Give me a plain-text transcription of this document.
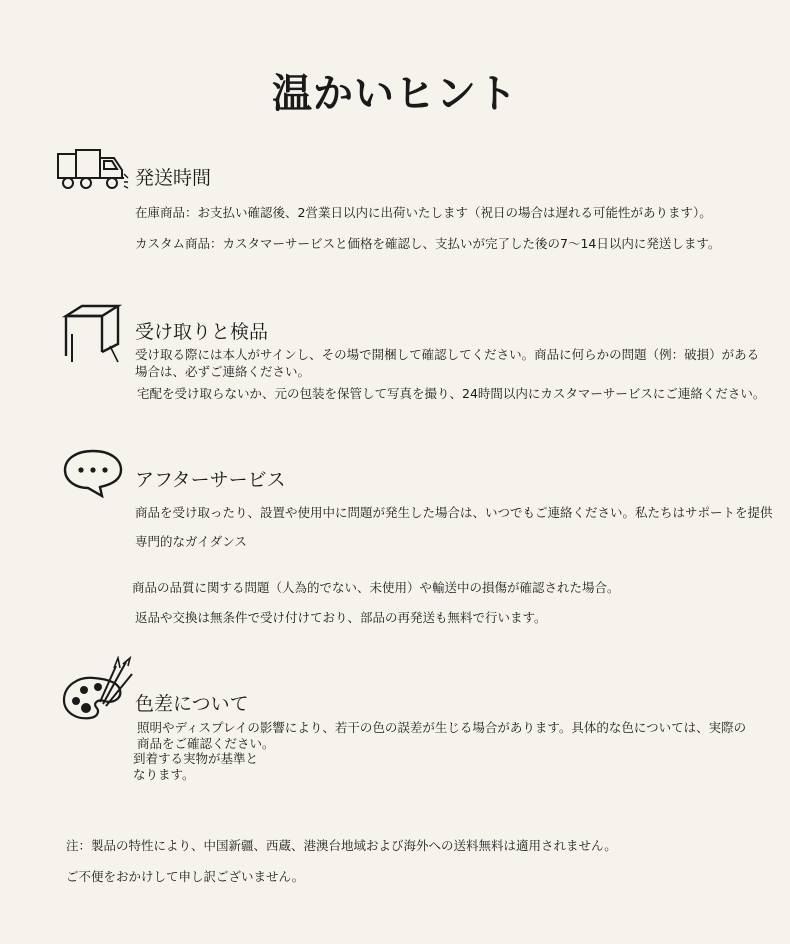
温かいヒント
発送時間
在庫商品：お支払い確認後、2営業日以内に出荷いたします（祝日の場合は遅れる可能性があります）。
カスタム商品：カスタマーサービスと価格を確認し、支払いが完了した後の7〜14日以内に発送します。
受け取りと検品
受け取る際には本人がサインし、その場で開梱して確認してください。商品に何らかの問題（例：破損）がある
場合は、必ずご連絡ください。
宅配を受け取らないか、元の包装を保管して写真を撮り、24時間以内にカスタマーサービスにご連絡ください。
アフターサービス
商品を受け取ったり、設置や使用中に問題が発生した場合は、いつでもご連絡ください。私たちはサポートを提供
専門的なガイダンス
商品の品質に関する問題（人為的でない、未使用）や輸送中の損傷が確認された場合。
返品や交換は無条件で受け付けており、部品の再発送も無料で行います。
色差について
照明やディスプレイの影響により、若干の色の誤差が生じる場合があります。具体的な色については、実際の
商品をご確認ください。
到着する実物が基準と
なります。
注：製品の特性により、中国新疆、西蔵、港澳台地域および海外への送料無料は適用されません。
ご不便をおかけして申し訳ございません。
